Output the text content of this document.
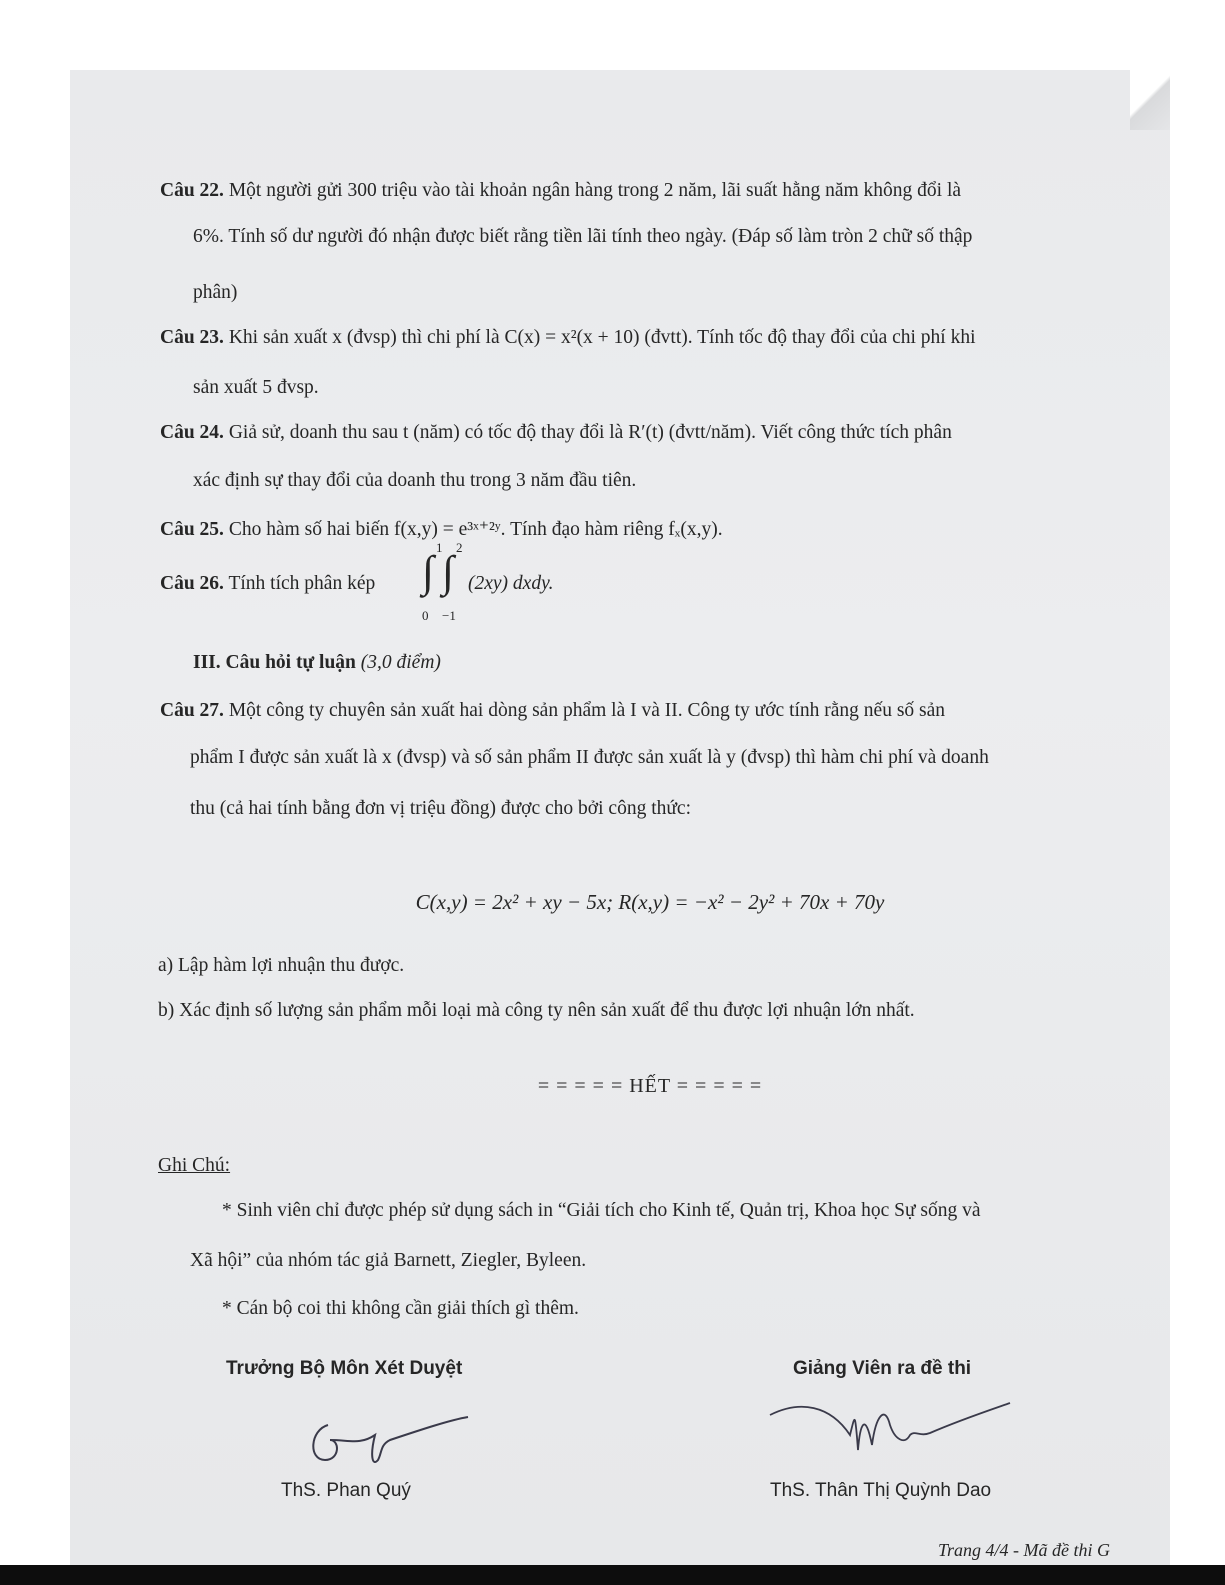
Câu 22. Một người gửi 300 triệu vào tài khoản ngân hàng trong 2 năm, lãi suất hằng năm không đổi là
6%. Tính số dư người đó nhận được biết rằng tiền lãi tính theo ngày. (Đáp số làm tròn 2 chữ số thập
phân)
Câu 23. Khi sản xuất x (đvsp) thì chi phí là C(x) = x²(x + 10) (đvtt). Tính tốc độ thay đổi của chi phí khi
sản xuất 5 đvsp.
Câu 24. Giả sử, doanh thu sau t (năm) có tốc độ thay đổi là R′(t) (đvtt/năm). Viết công thức tích phân
xác định sự thay đổi của doanh thu trong 3 năm đầu tiên.
Câu 25. Cho hàm số hai biến f(x,y) = e³ˣ⁺²ʸ. Tính đạo hàm riêng fₓ(x,y).
Câu 26. Tính tích phân kép
1 2
∫ ∫
0 −1
(2xy) dxdy.
III. Câu hỏi tự luận (3,0 điểm)
Câu 27. Một công ty chuyên sản xuất hai dòng sản phẩm là I và II. Công ty ước tính rằng nếu số sản
phẩm I được sản xuất là x (đvsp) và số sản phẩm II được sản xuất là y (đvsp) thì hàm chi phí và doanh
thu (cả hai tính bằng đơn vị triệu đồng) được cho bởi công thức:
C(x,y) = 2x² + xy − 5x; R(x,y) = −x² − 2y² + 70x + 70y
a) Lập hàm lợi nhuận thu được.
b) Xác định số lượng sản phẩm mỗi loại mà công ty nên sản xuất để thu được lợi nhuận lớn nhất.
= = = = = HẾT = = = = =
Ghi Chú:
* Sinh viên chỉ được phép sử dụng sách in “Giải tích cho Kinh tế, Quản trị, Khoa học Sự sống và
Xã hội” của nhóm tác giả Barnett, Ziegler, Byleen.
* Cán bộ coi thi không cần giải thích gì thêm.
Trưởng Bộ Môn Xét Duyệt	Giảng Viên ra đề thi
ThS. Phan Quý	ThS. Thân Thị Quỳnh Dao
Trang 4/4 - Mã đề thi G
